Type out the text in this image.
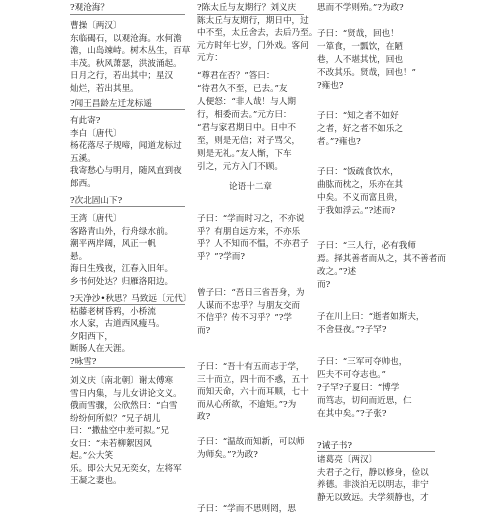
?观沧海？
曹操〔两汉〕
东临碣石，以观沧海。水何澹
澹，山岛竦峙。树木丛生，百草
丰茂。秋风萧瑟，洪波涌起。
日月之行，若出其中；星汉
灿烂，若出其里。
?闻王昌龄左迁龙标遥
有此寄?
李白〔唐代〕
杨花落尽子规啼，闻道龙标过
五溪。
我寄愁心与明月，随风直到夜
郎西。
?次北固山下?
王湾〔唐代〕
客路青山外，行舟绿水前。
潮平两岸阔，风正一帆
悬。
海日生残夜，江春入旧年。
乡书何处达？归雁洛阳边。
?天净沙•秋思？马致远〔元代〕
枯藤老树昏鸦，小桥流
水人家，古道西风瘦马。
夕阳西下，
断肠人在天涯。
?咏雪?
刘义庆〔南北朝〕谢太傅寒
雪日内集，与儿女讲论文义。
俄而雪骤，公欣然曰：“白雪
纷纷何所似？”兄子胡儿
曰：“撒盐空中差可拟。”兄
女曰：“未若柳絮因风
起。”公大笑
乐。即公大兄无奕女，左将军
王凝之妻也。
?陈太丘与友期行？刘义庆
陈太丘与友期行，期日中，过
中不至，太丘舍去，去后乃至。
元方时年七岁，门外戏。客问
元方：
“尊君在否？”答曰：
“待君久不至，已去。”友
人便怒：“非人哉！与人期
行，相委而去。”元方曰：
“君与家君期日中。日中不
至，则是无信；对子骂父，
则是无礼。”友人惭，下车
引之，元方入门不顾。
论语十二章
子曰：“学而时习之，不亦说
乎？有朋自远方来，不亦乐
乎？人不知而不愠，不亦君子
乎？”?学而?
曾子曰：“吾日三省吾身，为
人谋而不忠乎？与朋友交而
不信乎？传不习乎？”?学
而?
子曰：“吾十有五而志于学，
三十而立，四十而不惑，五十
而知天命，六十而耳顺，七十
而从心所欲，不逾矩。”?为
政?
子曰：“温故而知新，可以师
为师矣。”?为政?
子曰：“学而不思则罔，思
思而不学则殆。”?为政?
子曰：“贤哉，回也！
一箪食，一瓢饮，在陋
巷，人不堪其忧，回也
不改其乐。贤哉，回也！”
?雍也?
子曰：“知之者不如好
之者，好之者不如乐之
者。”?雍也?
子曰：“饭疏食饮水，
曲肱而枕之，乐亦在其
中矣。不义而富且贵，
于我如浮云。”?述而?
子曰：“三人行，必有我师
焉。择其善者而从之，其不善者而
改之。”?述
而?
子在川上曰：“逝者如斯夫，
不舍昼夜。”?子罕?
子曰：“三军可夺帅也，
匹夫不可夺志也。”
?子罕?子夏曰：“博学
而笃志，切问而近思，仁
在其中矣。”?子张?
?诫子书?
诸葛亮〔两汉〕
夫君子之行，静以修身，俭以
养德。非淡泊无以明志，非宁
静无以致远。夫学须静也，才
